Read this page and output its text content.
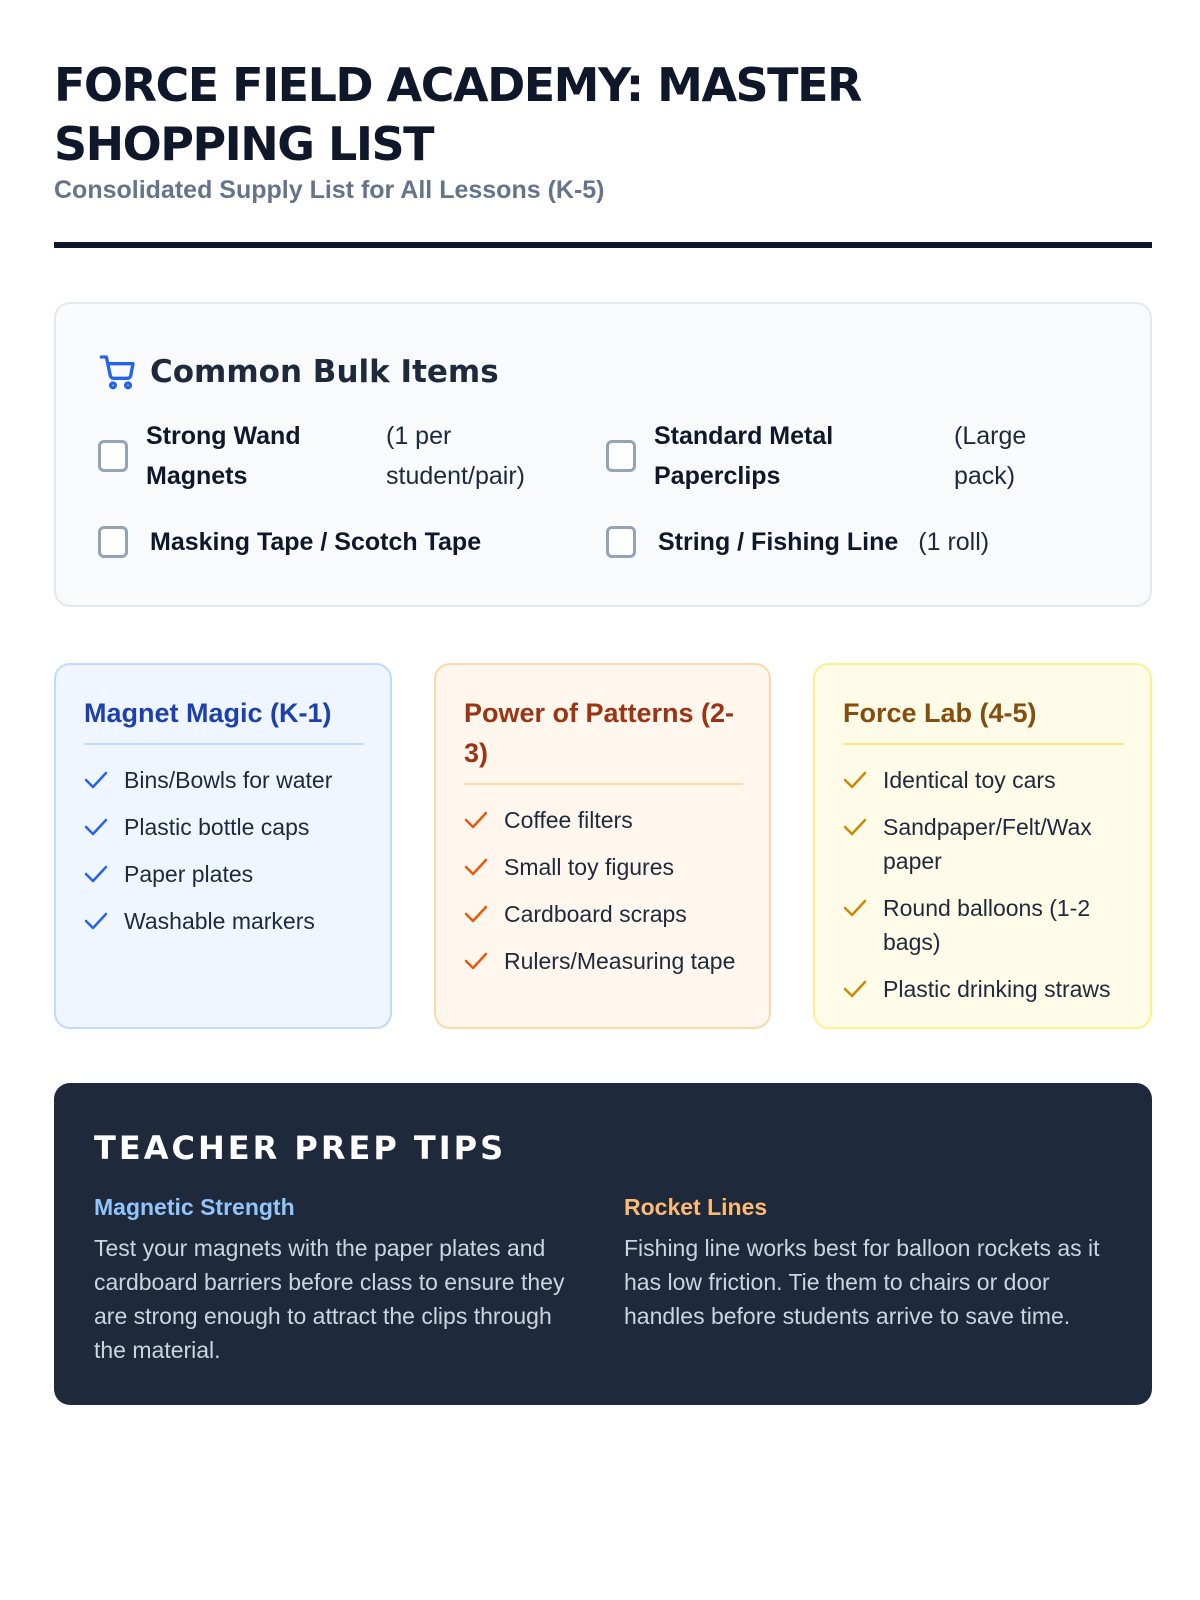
FORCE FIELD ACADEMY: MASTER SHOPPING LIST
Consolidated Supply List for All Lessons (K-5)
Common Bulk Items
Strong Wand Magnets
(1 per student/pair)
Standard Metal Paperclips
(Large pack)
Masking Tape / Scotch Tape	String / Fishing Line (1 roll)
Magnet Magic (K-1)
Bins/Bowls for water
Plastic bottle caps
Paper plates
Washable markers
Power of Patterns (2-3)
Coffee filters
Small toy figures
Cardboard scraps
Rulers/Measuring tape
Force Lab (4-5)
Identical toy cars
Sandpaper/Felt/Wax paper
Round balloons (1-2 bags)
Plastic drinking straws
TEACHER PREP TIPS
Magnetic Strength
Test your magnets with the paper plates and cardboard barriers before class to ensure they are strong enough to attract the clips through the material.
Rocket Lines
Fishing line works best for balloon rockets as it has low friction. Tie them to chairs or door handles before students arrive to save time.
